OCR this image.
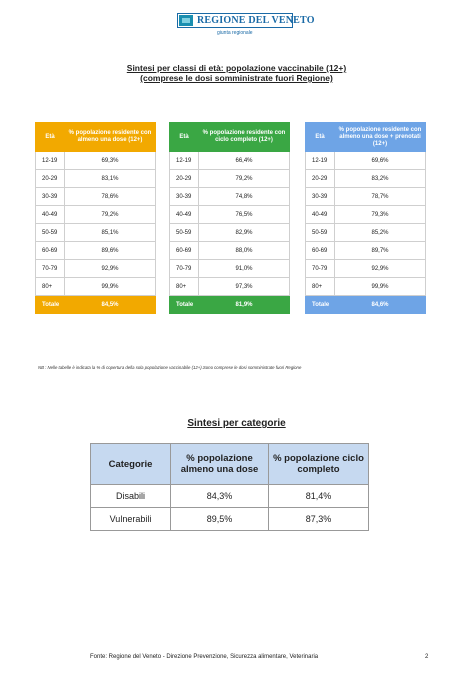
REGIONE DEL VENETO
giunta regionale
Sintesi per classi di età: popolazione vaccinabile (12+)
(comprese le dosi somministrate fuori Regione)
Età	% popolazione residente con almeno una dose (12+)
12-19	69,3%
20-29	83,1%
30-39	78,6%
40-49	79,2%
50-59	85,1%
60-69	89,6%
70-79	92,9%
80+	99,9%
Totale	84,5%
Età	% popolazione residente con ciclo completo (12+)
12-19	66,4%
20-29	79,2%
30-39	74,8%
40-49	76,5%
50-59	82,9%
60-69	88,0%
70-79	91,0%
80+	97,3%
Totale	81,9%
Età	% popolazione residente con almeno una dose + prenotati (12+)
12-19	69,6%
20-29	83,2%
30-39	78,7%
40-49	79,3%
50-59	85,2%
60-69	89,7%
70-79	92,9%
80+	99,9%
Totale	84,6%
NB : Nelle tabelle è indicata la % di copertura della sola popolazione vaccinabile (12+).Sono comprese le dosi somministrate fuori Regione
Sintesi per categorie
Categorie	% popolazione almeno una dose	% popolazione ciclo completo
Disabili	84,3%	81,4%
Vulnerabili	89,5%	87,3%
Fonte: Regione del Veneto - Direzione Prevenzione, Sicurezza alimentare, Veterinaria	2
